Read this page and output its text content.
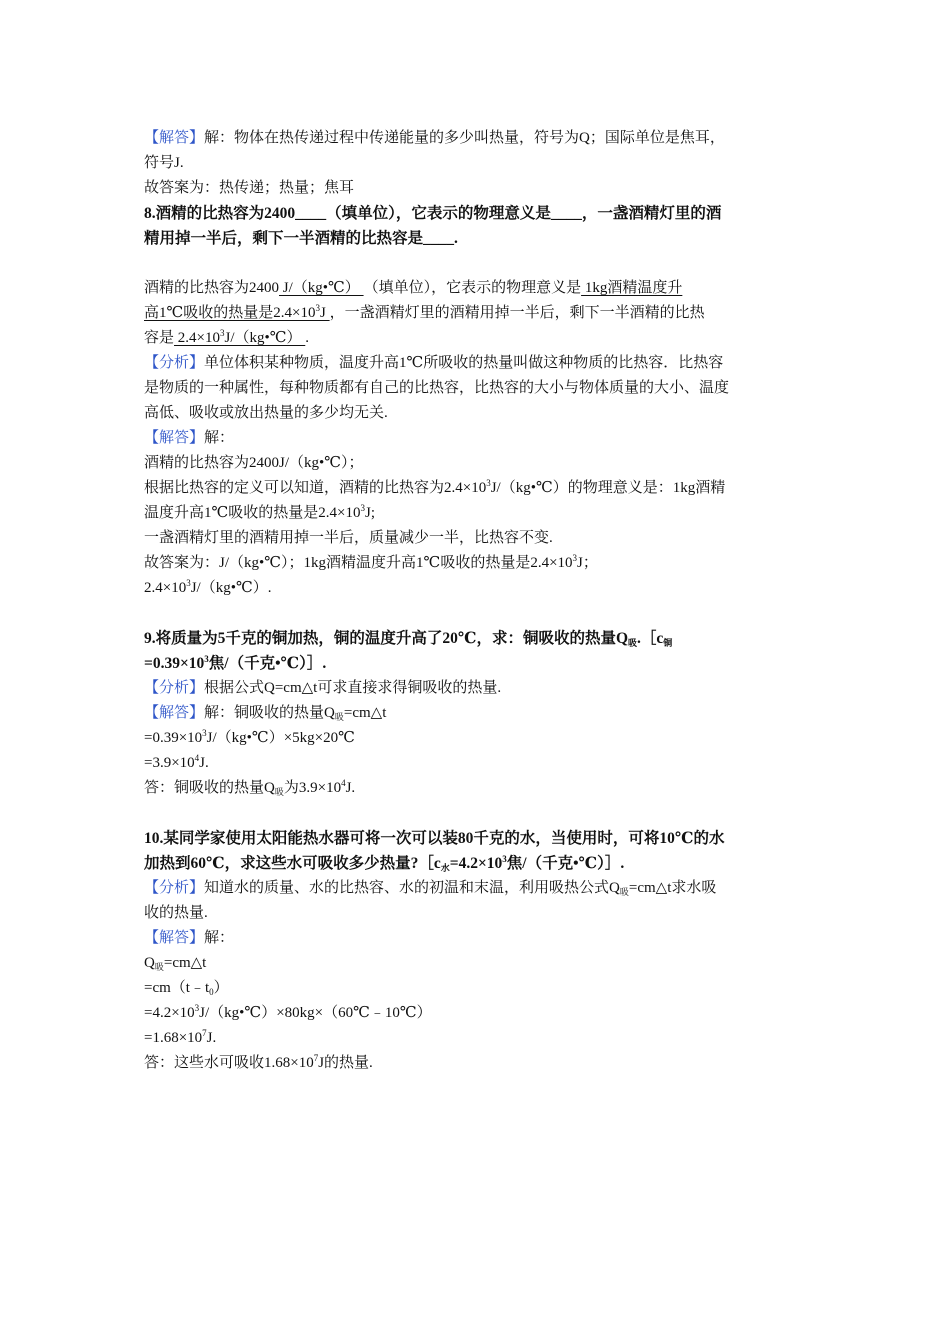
【解答】解：物体在热传递过程中传递能量的多少叫热量，符号为Q；国际单位是焦耳，
符号J.
故答案为：热传递；热量；焦耳
8.酒精的比热容为2400____（填单位），它表示的物理意义是____，一盏酒精灯里的酒
精用掉一半后，剩下一半酒精的比热容是____.
酒精的比热容为2400 J/（kg•℃） （填单位），它表示的物理意义是 1kg酒精温度升
高1℃吸收的热量是$2.4\times 10^3J$ ，一盏酒精灯里的酒精用掉一半后，剩下一半酒精的比热
容是 $2.4\times 10^3J/(kg•℃)$ .
【分析】单位体积某种物质，温度升高1℃所吸收的热量叫做这种物质的比热容．比热容
是物质的一种属性，每种物质都有自己的比热容，比热容的大小与物体质量的大小、温度
高低、吸收或放出热量的多少均无关.
【解答】解：
酒精的比热容为2400J/（kg•℃）；
根据比热容的定义可以知道，酒精的比热容为$2.4\times 10^3J/(kg•℃)$的物理意义是：1kg酒精
温度升高1℃吸收的热量是$2.4\times 10^3J$;
一盏酒精灯里的酒精用掉一半后，质量减少一半，比热容不变.
故答案为：J/（kg•℃）；1kg酒精温度升高1℃吸收的热量是$2.4\times 10^3J$；
$2.4\times 10^3J/(kg•℃)$.
9.将质量为5千克的铜加热，铜的温度升高了20℃，求：铜吸收的热量$Q_吸.[c_铜$
$=0.39\times 10^3$焦/（千克•℃）］.
【分析】根据公式Q=cm△t可求直接求得铜吸收的热量.
【解答】解：铜吸收的热量$Q_吸=cm\triangle t$
$=0.39\times 10^3J/(kg•℃)\times 5kg\times 20℃$
$=3.9\times 10^4J$.
答：铜吸收的热量$Q_吸$为$3.9\times 10^4J$.
10.某同学家使用太阳能热水器可将一次可以装80千克的水，当使用时，可将10℃的水
加热到60℃，求这些水可吸收多少热量$?[c_水=4.2\times 10^3$焦/（千克•℃）］.
【分析】知道水的质量、水的比热容、水的初温和末温，利用吸热公式$Q_吸=cm\triangle t$求水吸
收的热量.
【解答】解：
$Q_吸=cm\triangle t$
$=cm(t﹣t_0)$
$=4.2\times 10^3J/(kg•℃)\times 80kg\times(60℃﹣10℃)$
$=1.68\times 10^7J$.
答：这些水可吸收$1.68\times 10^7J$的热量.
